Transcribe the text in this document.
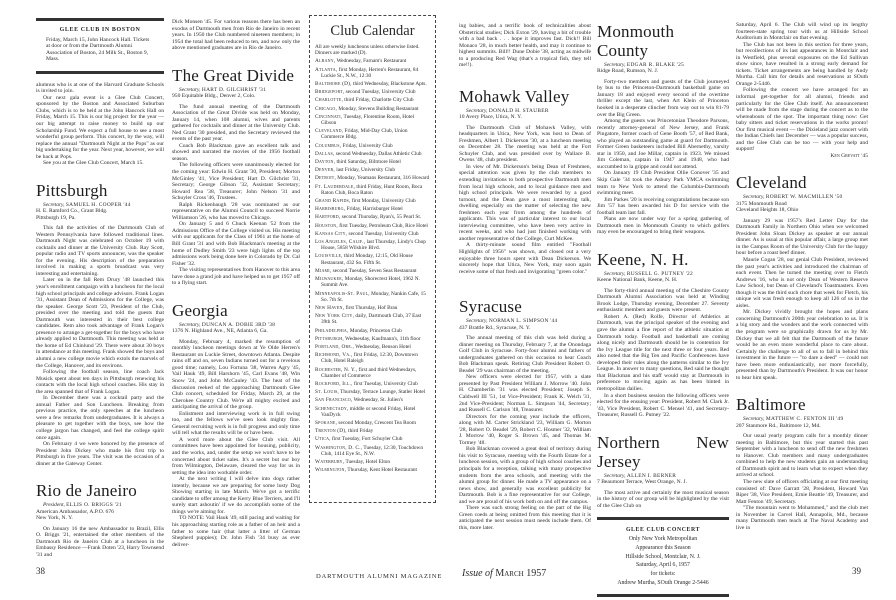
GLEE CLUB IN BOSTON

Friday, March 15, John Hancock Hall. Tickets at door or from the Dartmouth Alumni Association of Boston, 24 Milk St., Boston 9, Mass.

alumnus who is at one of the Harvard Graduate Schools is invited to join.

Our next gala event is a Glee Club Concert, sponsored by the Boston and Associated Suburban Clubs, which is to be held at the John Hancock Hall on Friday, March 15. This is our big project for the year — our big attempt to raise money to build up our Scholarship Fund. We expect a full house to see a most wonderful group perform. This concert, by the way, will replace the annual "Dartmouth Night at the Pops" as our big undertaking for the year. Next year, however, we will be back at Pops.

See you at the Glee Club Concert, March 15.

Pittsburgh

Secretary, SAMUEL H. COOPER '44

H. E. Ramford Co., Grant Bldg.
Pittsburgh 19, Pa.

This fall the activities of the Dartmouth Club of Western Pennsylvania have followed traditional lines. Dartmouth Night was celebrated on October 19 with cocktails and dinner at the University Club. Ray Scott, popular radio and TV sports announcer, was the speaker for the evening. His description of the preparation involved in making a sports broadcast was very interesting and entertaining.

Later on in the fall Rem Drury '48 launched this year's enrollment campaign with a luncheon for the local high school principals and college advisors. Frank Logan '31, Assistant Dean of Admissions for the College, was the speaker. George Scott '23, President of the Club, presided over the meeting and told the guests that Dartmouth was interested in their best college candidates. Rem also took advantage of Frank Logan's presence to arrange a get-together for the boys who have already applied to Dartmouth. This meeting was held at the home of Ed Chinlund '29. There were about 30 boys in attendance at this meeting. Frank showed the boys and alumni a new college movie which extols the marvels of the College, Hanover, and its environs.

Following the football season, line coach Jack Musick spent about ten days in Pittsburgh renewing his contacts with the local high school coaches. His stay in the area spanned that of Frank Logan.

In December there was a cocktail party and the annual Father and Son Luncheon. Breaking from previous practice, the only speeches at the luncheon were a few remarks from undergraduates. It is always a pleasure to get together with the boys, see how the college jargon has changed, and feel the college spirit once again.

On February 4 we were honored by the presence of President John Dickey who made his first trip to Pittsburgh in five years. The visit was the occasion of a dinner at the Gateway Center.

Rio de Janeiro

President, ELLIS O. BRIGGS '21

American Ambassador, A.P.O. 676
New York, N. Y.

On January 16 the new Ambassador to Brazil, Ellis O. Briggs '21, entertained the other members of the Dartmouth Rio de Janeiro Club at a luncheon in the Embassy Residence —Frank Doten '23, Harry Townsend '31 and

38

Dick Monsen '45. For various reasons there has been an exodus of Dartmouth men from Rio de Janeiro in recent years. In 1950 the Club numbered nineteen members; in 1954 the total had been reduced to ten, and now only the above mentioned graduates are in Rio de Janeiro.

The Great Divide

Secretary, HART D. GILCHRIST '31

950 Equitable Bldg., Denver 2, Colo.

The fund annual meeting of the Dartmouth Association of the Great Divide was held on Monday, January 14, when 108 alumni, wives and parents gathered for cocktails and dinner at the University Club. Ned Grant '30 presided, and the Secretary reviewed the events of the past year.

Coach Bob Blackman gave an excellent talk and showed and narrated the movies of the 1956 football season.

The following officers were unanimously elected for the coming year: Edwin H. Grant '30, President; Morton McGinley '41, Vice President; Hart D. Gilchrist '31, Secretary; George Gibson '32, Assistant Secretary; Howard Rea '38, Treasurer; John Nelson '31 and Schuyler Cross '46, Trustees.

Ralph Rickenbaugh '28 was nominated as our representative on the Alumni Council to succeed Norrie Williamson '26, who has moved to Chicago.

On January 5 and 6 Chuck Keenan '52 from the Admissions Office of the College visited us. His meeting with our applicants for the Class of 1961 at the home of Bill Grant '31 and with Bob Blackman's meeting at the home of Dudley Smith '23 were high lights of the top admissions work being done here in Colorado by Dr. Cal Fisher '32.

The visiting representatives from Hanover to this area have done a grand job and have helped us to get 1957 off to a flying start.

Georgia

Secretary, DUNCAN A. DOBIE 3RD '38

1376 N. Highland Ave., NE, Atlanta 6, Ga.

Monday, February 4, marked the resumption of monthly luncheon meetings down at Ye Olde Herren's Restaurant on Luckie Street, downtown Atlanta. Despite rains off and on, seven Indians turned out for a revelous good time; namely, Lou Fortuna '38, Warren Agry '45, Vail Hauk '49, Bill Harshorn '45, Carl Evans '48, Win Snow '24, and John McCauley '43. The heat of the discussion reeked of the approaching Dartmouth Glee Club concert, scheduled for Friday, March 29, at the Cherokee Country Club. We're all mighty excited and anticipating the arrival of the group.

Enlistment and interviewing work is in full swing too, and the fellows we've seen look mighty fine. General recruiting work is in full progress and only time will tell what the results will be or have been.

A word more about the Glee Club visit. All committees have been appointed for housing, publicity, and the works, and, under the setup we won't have to be concerned about ticket sales. It's a secret but our boy from Wilmington, Delaware, cleared the way for us in setting the idea into workable order.

At the next writing I will delve into dogs rather intently, because we are preparing for some lusty Dog Showing starting in late March. We've got a terrific candidate to offer among the Kerry Blue Terriers, and I'll surely start ashoutin' if we do accomplish some of the things we're aiming for.

TO NOTE: Vail Hauk '49, still pacing and waiting for his approaching starting role as a father of an heir and a father to some hair (that latter a litter of German Shepherd puppies); Dr. John Fish '34 busy as ever deliver-

Club Calendar

All are weekly luncheons unless otherwise listed. Dinners are marked (D).

Albany, Wednesday, Farnam's Restaurant
Atlanta, first Monday, Herren's Restaurant, 84 Luckie St., N.W., 12:30
Baltimore (D), third Wednesday, Blackstone Apts.
Bridgeport, second Tuesday, University Club
Charlotte, third Friday, Charlotte City Club
Chicago, Monday, Stevens Building Restaurant
Cincinnati, Tuesday, Florentine Room, Hotel Gibson
Cleveland, Friday, Mid-Day Club, Union Commerce Bldg.
Columbus, Friday, University Club
Dallas, second Wednesday, Dallas Athletic Club
Dayton, third Saturday, Biltmore Hotel
Denver, last Friday, University Club
Detroit, Monday, Yeamans Restaurant, 316 Howard
Ft. Lauderdale, third Friday, Hunt Room, Boca Raton Club, Boca Raton
Grand Rapids, first Monday, University Club
Harrisburg, Friday, Harrisburger Hotel
Hartford, second Thursday, Ryan's, 55 Pearl St.
Houston, first Tuesday, Petroleum Club, Rice Hotel
Kansas City, second Tuesday, University Club
Los Angeles, Calif., last Thursday, Lindy's Chop House, 5858 Wilshire Blvd.
Louisville, third Monday, 12:15, Old House Restaurant, 432 So. Fifth St.
Miami, second Tuesday, Seven Seas Restaurant
Milwaukee, Monday, Shorecrest Hotel, 1962 N. Summit Ave.
Minneapolis-St. Paul, Monday, Nankin Cafe, 15 So. 7th St.
New Haven, first Thursday, Hof Brau
New York City, daily, Dartmouth Club, 37 East 39th St.
Philadelphia, Monday, Princeton Club
Pittsburgh, Wednesday, Kaufmann's, 11th floor
Portland, Ore., Wednesday, Benson Hotel
Richmond, Va., first Friday, 12:30, Downtown Club, Hotel Raleigh
Rochester, N. Y., first and third Wednesdays, Chamber of Commerce
Rockford, Ill., first Tuesday, University Club
St. Louis, Thursday, Terrace Lounge, Statler Hotel
San Francisco, Wednesday, St. Julien's
Schenectady, middle or second Friday, Hotel VanDyck
Spokane, second Monday, Crescent Tea Room
Trenton (D), third Friday
Utica, first Tuesday, Fort Schuyler Club
Washington, D. C., Tuesday, 12:30, Touchdown Club, 1414 Eye St., N.W.
Waterbury, Tuesday, Hotel Elton
Wilmington, Thursday, Kent Hotel Restaurant
DARTMOUTH ALUMNI MAGAZINE

ing babies, and a terrific book of technicalities about Obstetrical studies; Dick Exton '29, having a bit of trouble with a bad back . . . hope it improves fast. Dick!! Bill Monaco '28, in much better health, and may it continue to highest summits. Bill!! Dune Dobie '38, acting as midwife to a producing Red Wag (that's a tropical fish, they tell me!!).

Mohawk Valley

Secretary, DONALD H. STAUBER

10 Avery Place, Utica, N. Y.

The Dartmouth Club of Mohawk Valley, with headquarters in Utica, New York, was host to Dean of Freshmen, Albert I. Dickerson '30, at a luncheon meeting on December 28. The meeting was held at the Fort Schuyler Club, and was presided over by Wallace B. Owens '48, club president.

In view of Mr. Dickerson's being Dean of Freshmen, special attention was given by the club members to extending invitations to both prospective Dartmouth men from local high schools, and to local guidance men and high school principals. We were rewarded by a good turnout, and the Dean gave a most interesting talk, dwelling especially on the matter of selecting the new freshmen each year from among the hundreds of applicants. This was of particular interest to our local interviewing committee, who have been very active in recent weeks, and who had just finished working with another representative of the College, Curt McKee.

A thirty-minute sound film entitled "Football Highlights of 1956" was shown, and closed out a very enjoyable three hours spent with Dean Dickerson. We sincerely hope that Utica, New York, may soon again receive some of that fresh and invigorating "green color."

Syracuse

Secretary, NORMAN L. SIMPSON '44

437 Brattle Rd., Syracuse, N. Y.

The annual meeting of this club was held during a dinner meeting on Thursday, February 7, at the Onondaga Golf Club in Syracuse. Forty-four alumni and fathers of undergraduates gathered on this occasion to hear Coach Bob Blackman speak. Retiring Club President Robert O. Beadel '29 was chairman of the meeting.

New officers were elected for 1957, with a slate presented by Past President William J. Morrow '40. John H. Chamberlin '31 was elected President; Joseph S. Caldwell III '51, 1st Vice-President; Frank K. Welch '31, 2nd Vice-President; Norman L. Simpson '44, Secretary; and Russell C. Carlson '48, Treasurer.

Directors for the coming year include the officers, along with M. Carter Strickland '23, William G. Morton '28, Robert O. Beadel '29, Robert C. Hosmer '32, William J. Morrow '40, Roger S. Brown '45, and Thomas M. Tormey '48.

Bob Blackman covered a great deal of territory during his visit to Syracuse, meeting with the Fourth Estate for a luncheon session, with a group of high school coaches and principals for a reception, talking with many prospective students from the area schools, and meeting with the alumni group for dinner. He made a TV appearance on a news show, and generally was excellent publicity for Dartmouth. Bob is a fine representative for our College, and we are proud of his work both on and off the campus.

There was such strong feeling on the part of the Big Green coeds at being omitted from this meeting that it is anticipated the next session must needs include them. Of this, more later.

Issue of March 1957
Monmouth County

Secretary, EDGAR R. BLAKE '25

Ridge Road, Rumson, N. J.

Forty-two members and guests of the Club journeyed by bus to the Princeton-Dartmouth basketball game on January 18 and enjoyed every second of the overtime thriller except the last, when Art Klein of Princeton hooked in a desperate clincher from way out to win 81-79 over the Big Green.

Among the guests was Princetonian Theodore Parsons, recently attorney-general of New Jersey, and Frank Pingatore, former coach of Gene Booth '57, of Red Bank, who played an outstanding game at guard for Dartmouth. Former Green basketeers included Bill Abernethy, varsity star in 1950, and Joe Millar, captain in 1923. We missed Jim Coleman, captain in 1947 and 1948, who had succumbed to la grippe and could not attend.

On January 19 Club President Ollie Conover '35 and Skip Gale '34 took the Asbury Park YMCA swimming team to New York to attend the Columbia-Dartmouth swimming meet.

Jim Parkes '20 is receiving congratulations because son Jim '57 has been awarded his D for service with the football team last fall.

Plans are now under way for a spring gathering of Dartmouth men in Monmouth County to which golfers may even be encouraged to bring their weapons.

Keene, N. H.

Secretary, RUSSELL G. PUTNEY '22

Keene National Bank, Keene, N. H.

The forty-third annual meeting of the Cheshire County Dartmouth Alumni Association was held at Winding Brook Lodge, Thursday evening, December 27. Seventy enthusiastic members and guests were present.

Robert A. (Red) Rolfe, Director of Athletics at Dartmouth, was the principal speaker of the evening and gave the alumni a fine report of the athletic situation at Dartmouth today. Football and basketball are coming along nicely and Dartmouth should be in contention for the Ivy League title for the next three or four years. Red also noted that the Big Ten and Pacific Conferences have developed their rules along the patterns similar to the Ivy League. In answer to many questions, Red said he thought that Blackman and his staff would stay at Dartmouth in preference to moving again as has been hinted in metropolitan dailies.

In a short business session the following officers were elected for the ensuing year: President, Robert M. Clark Jr. '43, Vice President, Robert C. Mensel '41, and Secretary-Treasurer, Russell G. Putney '22.

Northern New Jersey

Secretary, ALLEN I. BERNER

7 Beaumont Terrace, West Orange, N. J.

The most active and certainly the most musical season in the history of our group will be highlighted by the visit of the Glee Club on

GLEE CLUB CONCERT
Only New York Metropolitan
Appearance this Season
Hillside School, Montclair, N. J.
Saturday, April 6, 1957
for tickets:
Andrew Murtha, SOuth Orange 2-5446

Saturday, April 6. The Club will wind up its lengthy fourteen-state spring tour with us at Hillside School Auditorium in Montclair on that evening.

The Club has not been in this section for three years, but recollections of its last appearances in Montclair and in Westfield, plus several exposures on the Ed Sullivan show since, have resulted in a strong early demand for tickets. Ticket arrangements are being handled by Andy Murtha. Call him for details and reservations at SOuth Orange 2-5446.

Following the concert we have arranged for an informal get-together for all alumni, friends and particularly for the Glee Club itself. An announcement will be made from the stage during the concert as to the whereabouts of the spot. The important thing now: Get baby sitters and ticket reservations in the works pronto! Our first musical event — the Dixieland jazz concert with the Indian Chiefs last December — was a popular success, and the Glee Club can be too — with your help and support!

Ken Grevatt '45

Cleveland

Secretary, ROBERT W. MACMILLEN '50

3175 Monmouth Road
Cleveland Heights 18, Ohio

January 29 was 1957's Red Letter Day for the Dartmouth Family in Northern Ohio when we welcomed President John Sloan Dickey as speaker at our annual dinner. As is usual at this popular affair, a large group met in the Campus Room of the University Club for the happy hour before a roast beef dinner.

Maurie Cogan '28, our genial Club President, reviewed the past year's activities and introduced the chairman of each event. Then he turned the meeting over to Fletch Andrews '16, who is not only Dean of Western Reserve Law School, but Dean of Cleveland's Toastmasters. Even though it was the third such chore that week for Fletch, his unique wit was fresh enough to keep all 126 of us in the aisles.

Mr. Dickey vividly brought the hopes and plans concerning Dartmouth's 200th year celebration to us. It is a big story and the wonders and the work connected with the program were so graphically drawn for us by Mr. Dickey that we all felt that the Dartmouth of the future would be an even more wonderful place to care about. Certainly the challenge to all of us to fall in behind this investment in the future — "to dare a deed" — could not have been more enthusiastically, nor more forcefully, presented than by Dartmouth's President. It was our honor to hear him speak.

Baltimore

Secretary, MATTHEW C. FENTON III '49

207 Stanmore Rd., Baltimore 12, Md.

Our usual yearly program calls for a monthly dinner meeting in Baltimore, but this year started this past September with a luncheon to send off the new freshmen to Hanover. Club members and many undergraduates combined to help the new students gain an understanding of Dartmouth spirit and to learn what to expect when they arrived at school.

The new slate of officers officiating at our first meeting consisted of: Dave Garratt '28, President, Howard Van Riper '38, Vice President, Ernie Beattie '49, Treasurer, and Matt Fenton '49, Secretary.

"The mountain went to Mohammed," and the club met in November in Carvel Hall, Annapolis, Md., because many Dartmouth men teach at The Naval Academy and live in

39
